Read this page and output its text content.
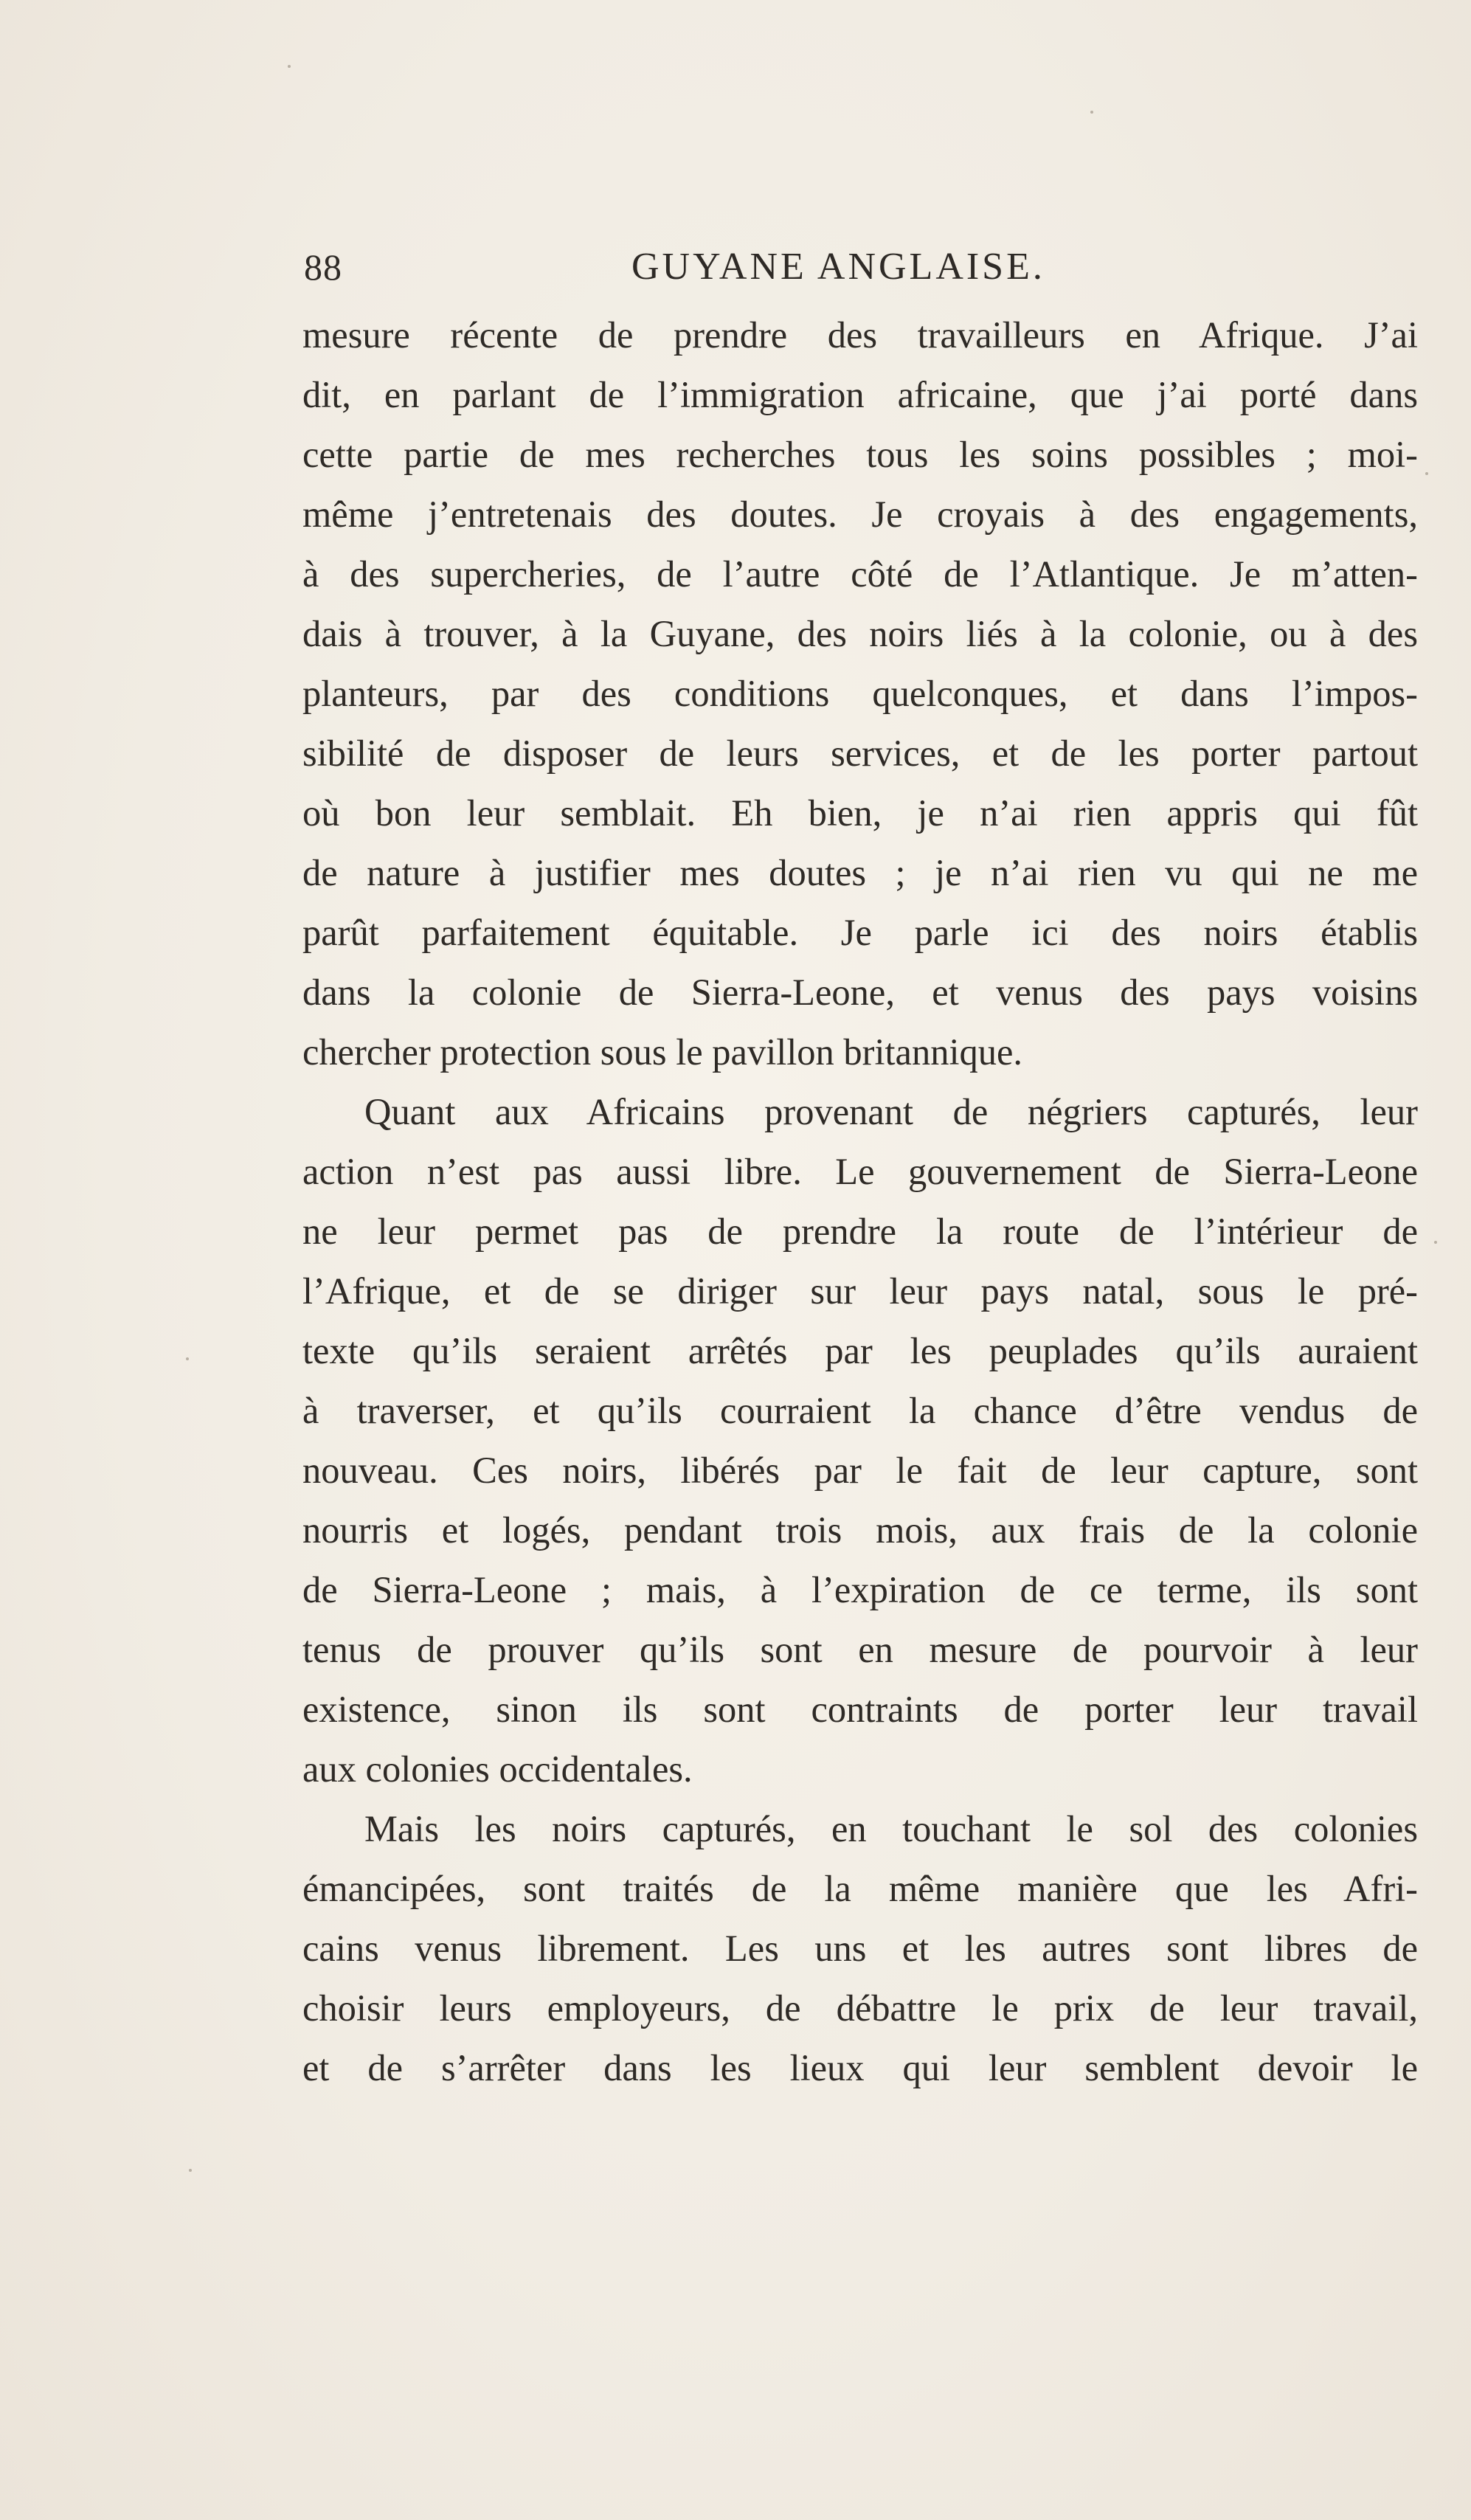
88	GUYANE ANGLAISE.
mesure récente de prendre des travailleurs en Afrique. J’ai
dit, en parlant de l’immigration africaine, que j’ai porté dans
cette partie de mes recherches tous les soins possibles ; moi-
même j’entretenais des doutes. Je croyais à des engagements,
à des supercheries, de l’autre côté de l’Atlantique. Je m’atten-
dais à trouver, à la Guyane, des noirs liés à la colonie, ou à des
planteurs, par des conditions quelconques, et dans l’impos-
sibilité de disposer de leurs services, et de les porter partout
où bon leur semblait. Eh bien, je n’ai rien appris qui fût
de nature à justifier mes doutes ; je n’ai rien vu qui ne me
parût parfaitement équitable. Je parle ici des noirs établis
dans la colonie de Sierra-Leone, et venus des pays voisins
chercher protection sous le pavillon britannique.
Quant aux Africains provenant de négriers capturés, leur
action n’est pas aussi libre. Le gouvernement de Sierra-Leone
ne leur permet pas de prendre la route de l’intérieur de
l’Afrique, et de se diriger sur leur pays natal, sous le pré-
texte qu’ils seraient arrêtés par les peuplades qu’ils auraient
à traverser, et qu’ils courraient la chance d’être vendus de
nouveau. Ces noirs, libérés par le fait de leur capture, sont
nourris et logés, pendant trois mois, aux frais de la colonie
de Sierra-Leone ; mais, à l’expiration de ce terme, ils sont
tenus de prouver qu’ils sont en mesure de pourvoir à leur
existence, sinon ils sont contraints de porter leur travail
aux colonies occidentales.
Mais les noirs capturés, en touchant le sol des colonies
émancipées, sont traités de la même manière que les Afri-
cains venus librement. Les uns et les autres sont libres de
choisir leurs employeurs, de débattre le prix de leur travail,
et de s’arrêter dans les lieux qui leur semblent devoir le
